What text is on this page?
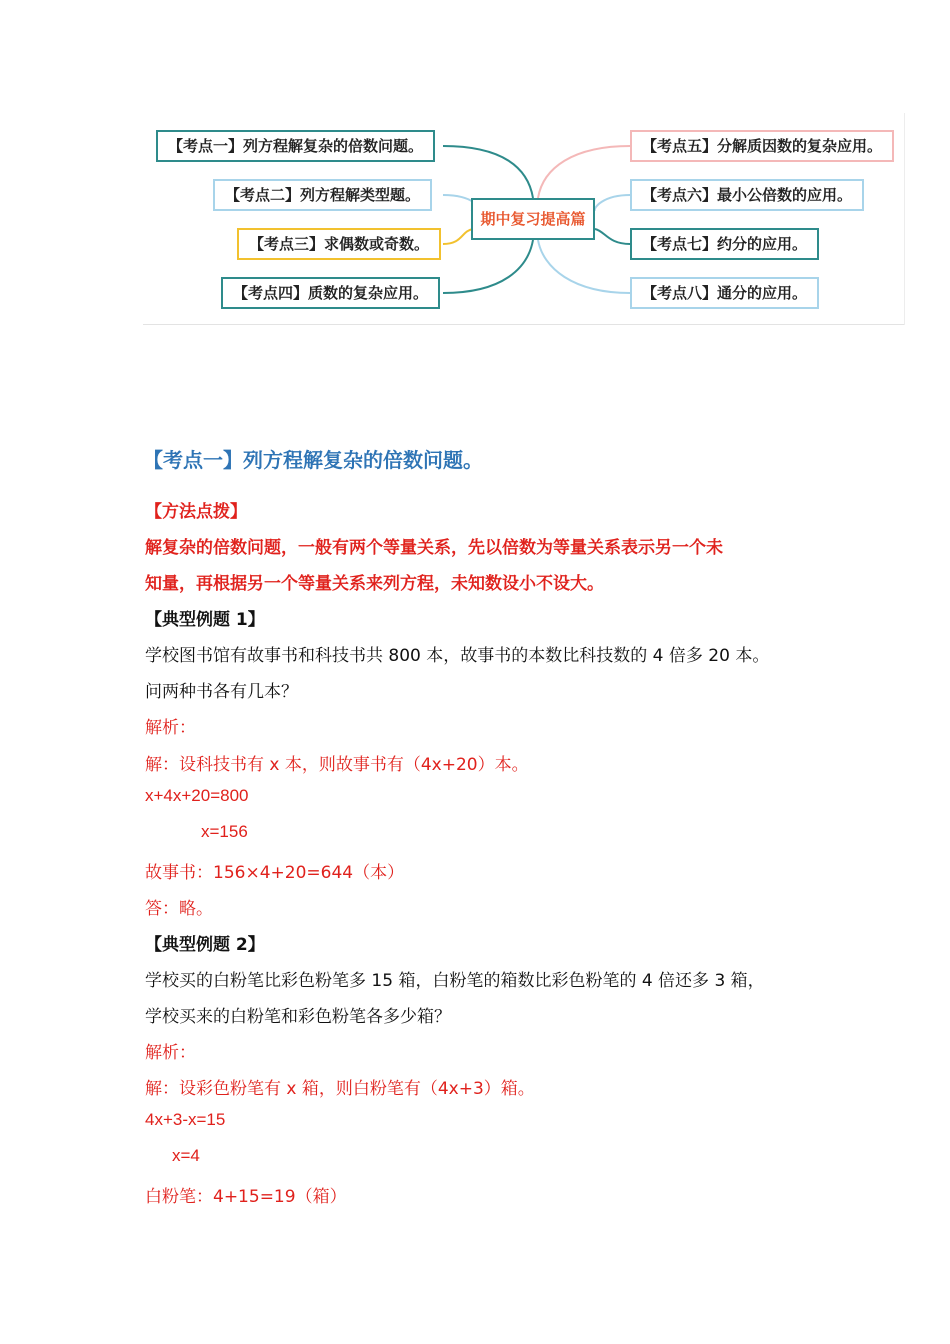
期中复习提高篇
【考点一】列方程解复杂的倍数问题。
【考点二】列方程解类型题。
【考点三】求偶数或奇数。
【考点四】质数的复杂应用。
【考点五】分解质因数的复杂应用。
【考点六】最小公倍数的应用。
【考点七】约分的应用。
【考点八】通分的应用。
【考点一】列方程解复杂的倍数问题。
【方法点拨】
解复杂的倍数问题，一般有两个等量关系，先以倍数为等量关系表示另一个未
知量，再根据另一个等量关系来列方程，未知数设小不设大。
【典型例题 1】
学校图书馆有故事书和科技书共 800 本，故事书的本数比科技数的 4 倍多 20 本。
问两种书各有几本？
解析：
解：设科技书有 x 本，则故事书有（4x+20）本。
x+4x+20=800
x=156
故事书：156×4+20=644（本）
答：略。
【典型例题 2】
学校买的白粉笔比彩色粉笔多 15 箱，白粉笔的箱数比彩色粉笔的 4 倍还多 3 箱，
学校买来的白粉笔和彩色粉笔各多少箱？
解析：
解：设彩色粉笔有 x 箱，则白粉笔有（4x+3）箱。
4x+3-x=15
x=4
白粉笔：4+15=19（箱）
